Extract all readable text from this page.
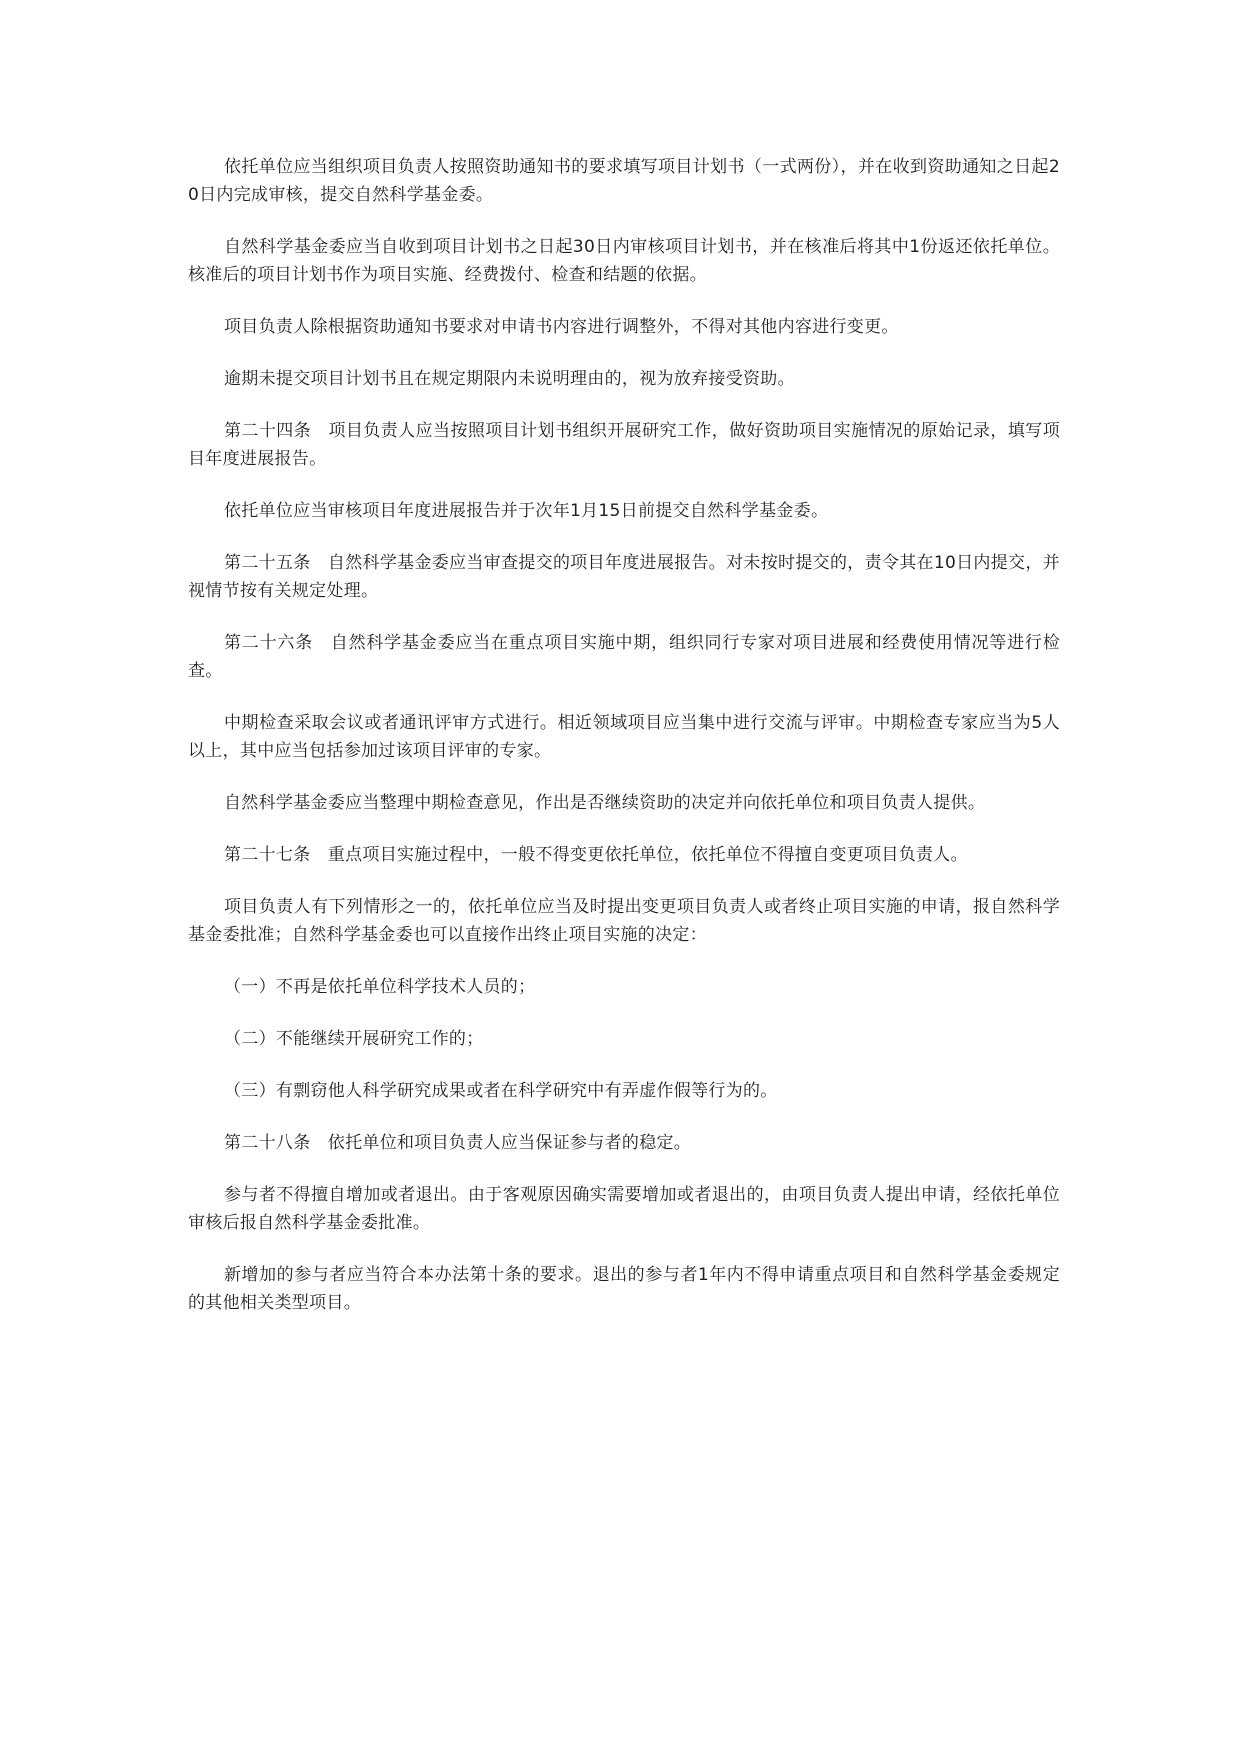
依托单位应当组织项目负责人按照资助通知书的要求填写项目计划书（一式两份），并在收到资助通知之日起20日内完成审核，提交自然科学基金委。

自然科学基金委应当自收到项目计划书之日起30日内审核项目计划书，并在核准后将其中1份返还依托单位。核准后的项目计划书作为项目实施、经费拨付、检查和结题的依据。

项目负责人除根据资助通知书要求对申请书内容进行调整外，不得对其他内容进行变更。

逾期未提交项目计划书且在规定期限内未说明理由的，视为放弃接受资助。

第二十四条　项目负责人应当按照项目计划书组织开展研究工作，做好资助项目实施情况的原始记录，填写项目年度进展报告。

依托单位应当审核项目年度进展报告并于次年1月15日前提交自然科学基金委。

第二十五条　自然科学基金委应当审查提交的项目年度进展报告。对未按时提交的，责令其在10日内提交，并视情节按有关规定处理。

第二十六条　自然科学基金委应当在重点项目实施中期，组织同行专家对项目进展和经费使用情况等进行检查。

中期检查采取会议或者通讯评审方式进行。相近领域项目应当集中进行交流与评审。中期检查专家应当为5人以上，其中应当包括参加过该项目评审的专家。

自然科学基金委应当整理中期检查意见，作出是否继续资助的决定并向依托单位和项目负责人提供。

第二十七条　重点项目实施过程中，一般不得变更依托单位，依托单位不得擅自变更项目负责人。

项目负责人有下列情形之一的，依托单位应当及时提出变更项目负责人或者终止项目实施的申请，报自然科学基金委批准；自然科学基金委也可以直接作出终止项目实施的决定：

（一）不再是依托单位科学技术人员的；

（二）不能继续开展研究工作的；

（三）有剽窃他人科学研究成果或者在科学研究中有弄虚作假等行为的。

第二十八条　依托单位和项目负责人应当保证参与者的稳定。

参与者不得擅自增加或者退出。由于客观原因确实需要增加或者退出的，由项目负责人提出申请，经依托单位审核后报自然科学基金委批准。

新增加的参与者应当符合本办法第十条的要求。退出的参与者1年内不得申请重点项目和自然科学基金委规定的其他相关类型项目。
